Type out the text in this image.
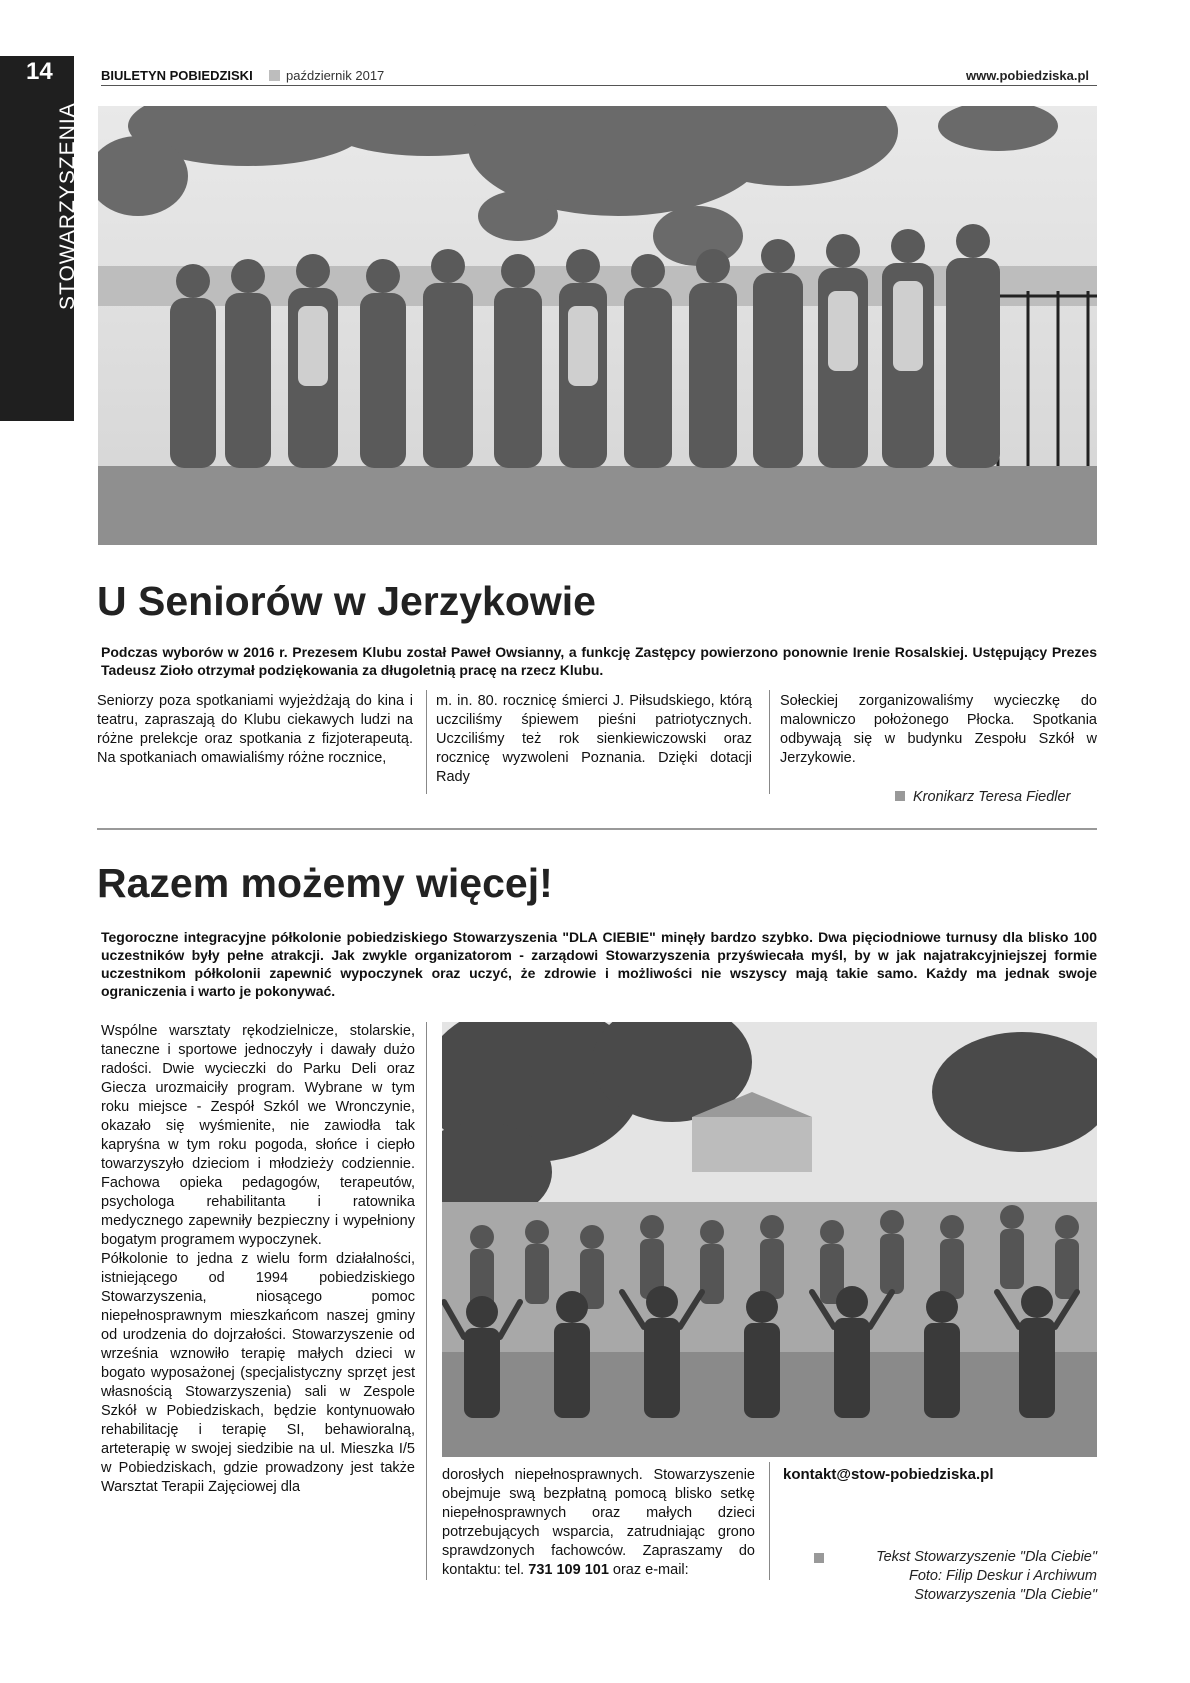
14
STOWARZYSZENIA
BIULETYN POBIEDZISKI	październik 2017	www.pobiedziska.pl
U Seniorów w Jerzykowie
Podczas wyborów w 2016 r. Prezesem Klubu został Paweł Owsianny, a funkcję Zastępcy powierzono ponownie Irenie Rosalskiej. Ustępujący Prezes Tadeusz Zioło otrzymał podziękowania za długoletnią pracę na rzecz Klubu.
Seniorzy poza spotkaniami wyjeżdżają do kina i teatru, zapraszają do Klubu ciekawych ludzi na różne prelekcje oraz spotkania z fizjoterapeutą. Na spotkaniach omawialiśmy różne rocznice,
m. in. 80. rocznicę śmierci J. Piłsudskiego, którą uczciliśmy śpiewem pieśni patriotycznych. Uczciliśmy też rok sienkiewiczowski oraz rocznicę wyzwoleni Poznania. Dzięki dotacji Rady
Sołeckiej zorganizowaliśmy wycieczkę do malowniczo położonego Płocka. Spotkania odbywają się w budynku Zespołu Szkół w Jerzykowie.
Kronikarz Teresa Fiedler
Razem możemy więcej!
Tegoroczne integracyjne półkolonie pobiedziskiego Stowarzyszenia "DLA CIEBIE" minęły bardzo szybko. Dwa pięciodniowe turnusy dla blisko 100 uczestników były pełne atrakcji. Jak zwykle organizatorom - zarządowi Stowarzyszenia przyświecała myśl, by w jak najatrakcyjniejszej formie uczestnikom półkolonii zapewnić wypoczynek oraz uczyć, że zdrowie i możliwości nie wszyscy mają takie samo. Każdy ma jednak swoje ograniczenia i warto je pokonywać.
Wspólne warsztaty rękodzielnicze, stolarskie, taneczne i sportowe jednoczyły i dawały dużo radości. Dwie wycieczki do Parku Deli oraz Giecza urozmaiciły program. Wybrane w tym roku miejsce - Zespół Szkól we Wronczynie, okazało się wyśmienite, nie zawiodła tak kapryśna w tym roku pogoda, słońce i ciepło towarzyszyło dzieciom i młodzieży codziennie. Fachowa opieka pedagogów, terapeutów, psychologa rehabilitanta i ratownika medycznego zapewniły bezpieczny i wypełniony bogatym programem wypoczynek.
Półkolonie to jedna z wielu form działalności, istniejącego od 1994 pobiedziskiego Stowarzyszenia, niosącego pomoc niepełnosprawnym mieszkańcom naszej gminy od urodzenia do dojrzałości. Stowarzyszenie od września wznowiło terapię małych dzieci w bogato wyposażonej (specjalistyczny sprzęt jest własnością Stowarzyszenia) sali w Zespole Szkół w Pobiedziskach, będzie kontynuowało rehabilitację i terapię SI, behawioralną, arteterapię w swojej siedzibie na ul. Mieszka I/5 w Pobiedziskach, gdzie prowadzony jest także Warsztat Terapii Zajęciowej dla
dorosłych niepełnosprawnych. Stowarzyszenie obejmuje swą bezpłatną pomocą blisko setkę niepełnosprawnych oraz małych dzieci potrzebujących wsparcia, zatrudniając grono sprawdzonych fachowców. Zapraszamy do kontaktu: tel. 731 109 101 oraz e-mail:
kontakt@stow-pobiedziska.pl
Tekst Stowarzyszenie "Dla Ciebie"
Foto: Filip Deskur i Archiwum
Stowarzyszenia "Dla Ciebie"
